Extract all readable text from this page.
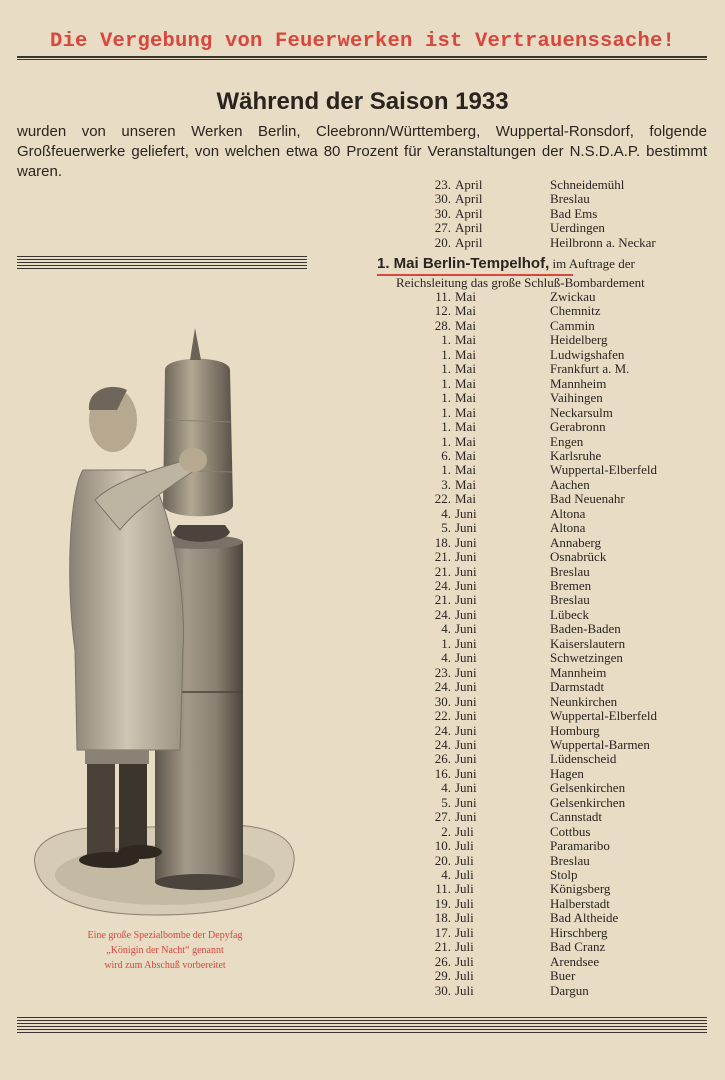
Die Vergebung von Feuerwerken ist Vertrauenssache!
Während der Saison 1933
wurden von unseren Werken Berlin, Cleebronn/Württemberg, Wuppertal-Ronsdorf, folgende Großfeuerwerke geliefert, von welchen etwa 80 Prozent für Veranstaltungen der N.S.D.A.P. bestimmt waren.
23. April	Schneidemühl
30. April	Breslau
30. April	Bad Ems
27. April	Uerdingen
20. April	Heilbronn a. Neckar
1. Mai Berlin-Tempelhof, im Auftrage der
Reichsleitung das große Schluß-Bombardement
11. Mai	Zwickau
12. Mai	Chemnitz
28. Mai	Cammin
1. Mai	Heidelberg
1. Mai	Ludwigshafen
1. Mai	Frankfurt a. M.
1. Mai	Mannheim
1. Mai	Vaihingen
1. Mai	Neckarsulm
1. Mai	Gerabronn
1. Mai	Engen
6. Mai	Karlsruhe
1. Mai	Wuppertal-Elberfeld
3. Mai	Aachen
22. Mai	Bad Neuenahr
4. Juni	Altona
5. Juni	Altona
18. Juni	Annaberg
21. Juni	Osnabrück
21. Juni	Breslau
24. Juni	Bremen
21. Juni	Breslau
24. Juni	Lübeck
4. Juni	Baden-Baden
1. Juni	Kaiserslautern
4. Juni	Schwetzingen
23. Juni	Mannheim
24. Juni	Darmstadt
30. Juni	Neunkirchen
22. Juni	Wuppertal-Elberfeld
24. Juni	Homburg
24. Juni	Wuppertal-Barmen
26. Juni	Lüdenscheid
16. Juni	Hagen
4. Juni	Gelsenkirchen
5. Juni	Gelsenkirchen
27. Juni	Cannstadt
2. Juli	Cottbus
10. Juli	Paramaribo
20. Juli	Breslau
4. Juli	Stolp
11. Juli	Königsberg
19. Juli	Halberstadt
18. Juli	Bad Altheide
17. Juli	Hirschberg
21. Juli	Bad Cranz
26. Juli	Arendsee
29. Juli	Buer
30. Juli	Dargun
Eine große Spezialbombe der Depyfag
„Königin der Nacht“ genannt
wird zum Abschuß vorbereitet
